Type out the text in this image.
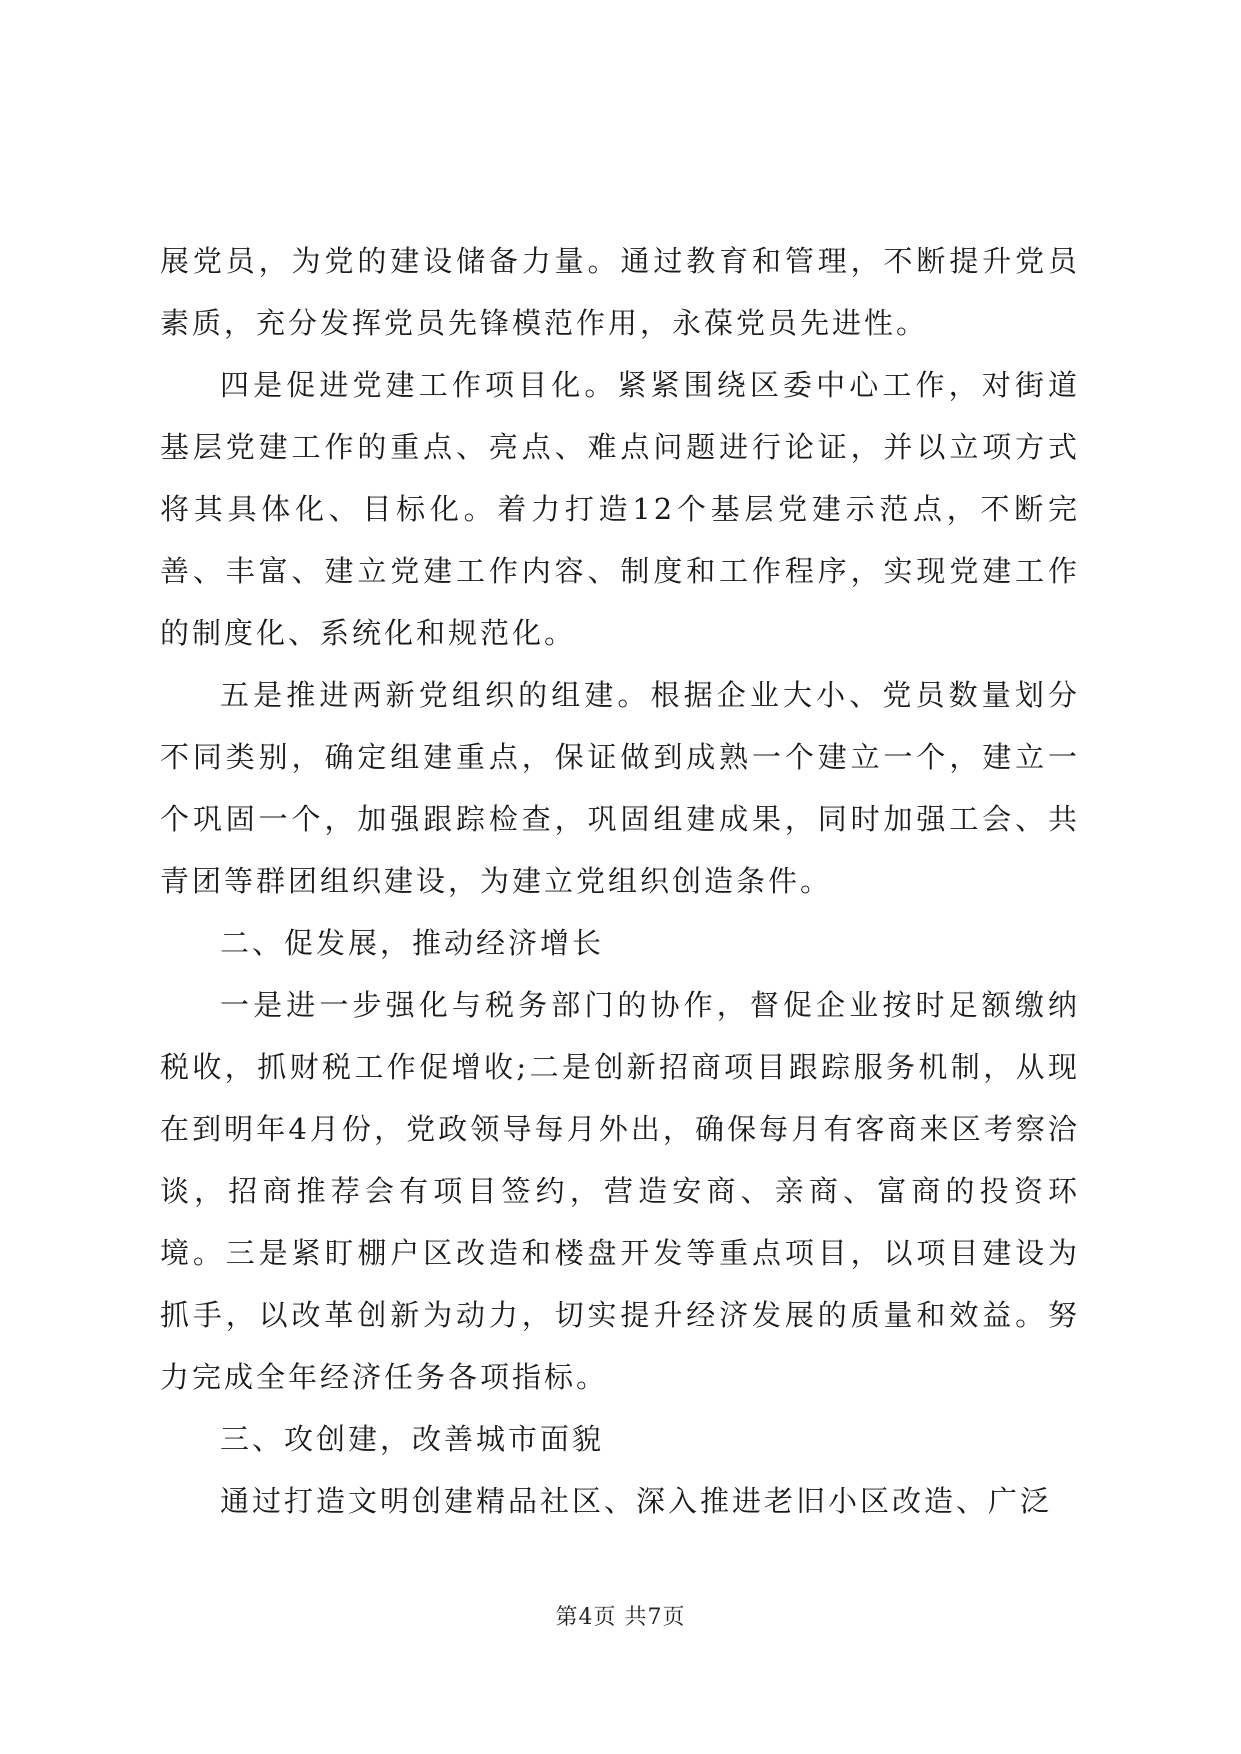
展党员，为党的建设储备力量。通过教育和管理，不断提升党员素质，充分发挥党员先锋模范作用，永葆党员先进性。

四是促进党建工作项目化。紧紧围绕区委中心工作，对街道基层党建工作的重点、亮点、难点问题进行论证，并以立项方式将其具体化、目标化。着力打造12个基层党建示范点，不断完善、丰富、建立党建工作内容、制度和工作程序，实现党建工作的制度化、系统化和规范化。

五是推进两新党组织的组建。根据企业大小、党员数量划分不同类别，确定组建重点，保证做到成熟一个建立一个，建立一个巩固一个，加强跟踪检查，巩固组建成果，同时加强工会、共青团等群团组织建设，为建立党组织创造条件。

二、促发展，推动经济增长

一是进一步强化与税务部门的协作，督促企业按时足额缴纳税收，抓财税工作促增收;二是创新招商项目跟踪服务机制，从现在到明年4月份，党政领导每月外出，确保每月有客商来区考察洽谈，招商推荐会有项目签约，营造安商、亲商、富商的投资环境。三是紧盯棚户区改造和楼盘开发等重点项目，以项目建设为抓手，以改革创新为动力，切实提升经济发展的质量和效益。努力完成全年经济任务各项指标。

三、攻创建，改善城市面貌

通过打造文明创建精品社区、深入推进老旧小区改造、广泛

第4页 共7页
